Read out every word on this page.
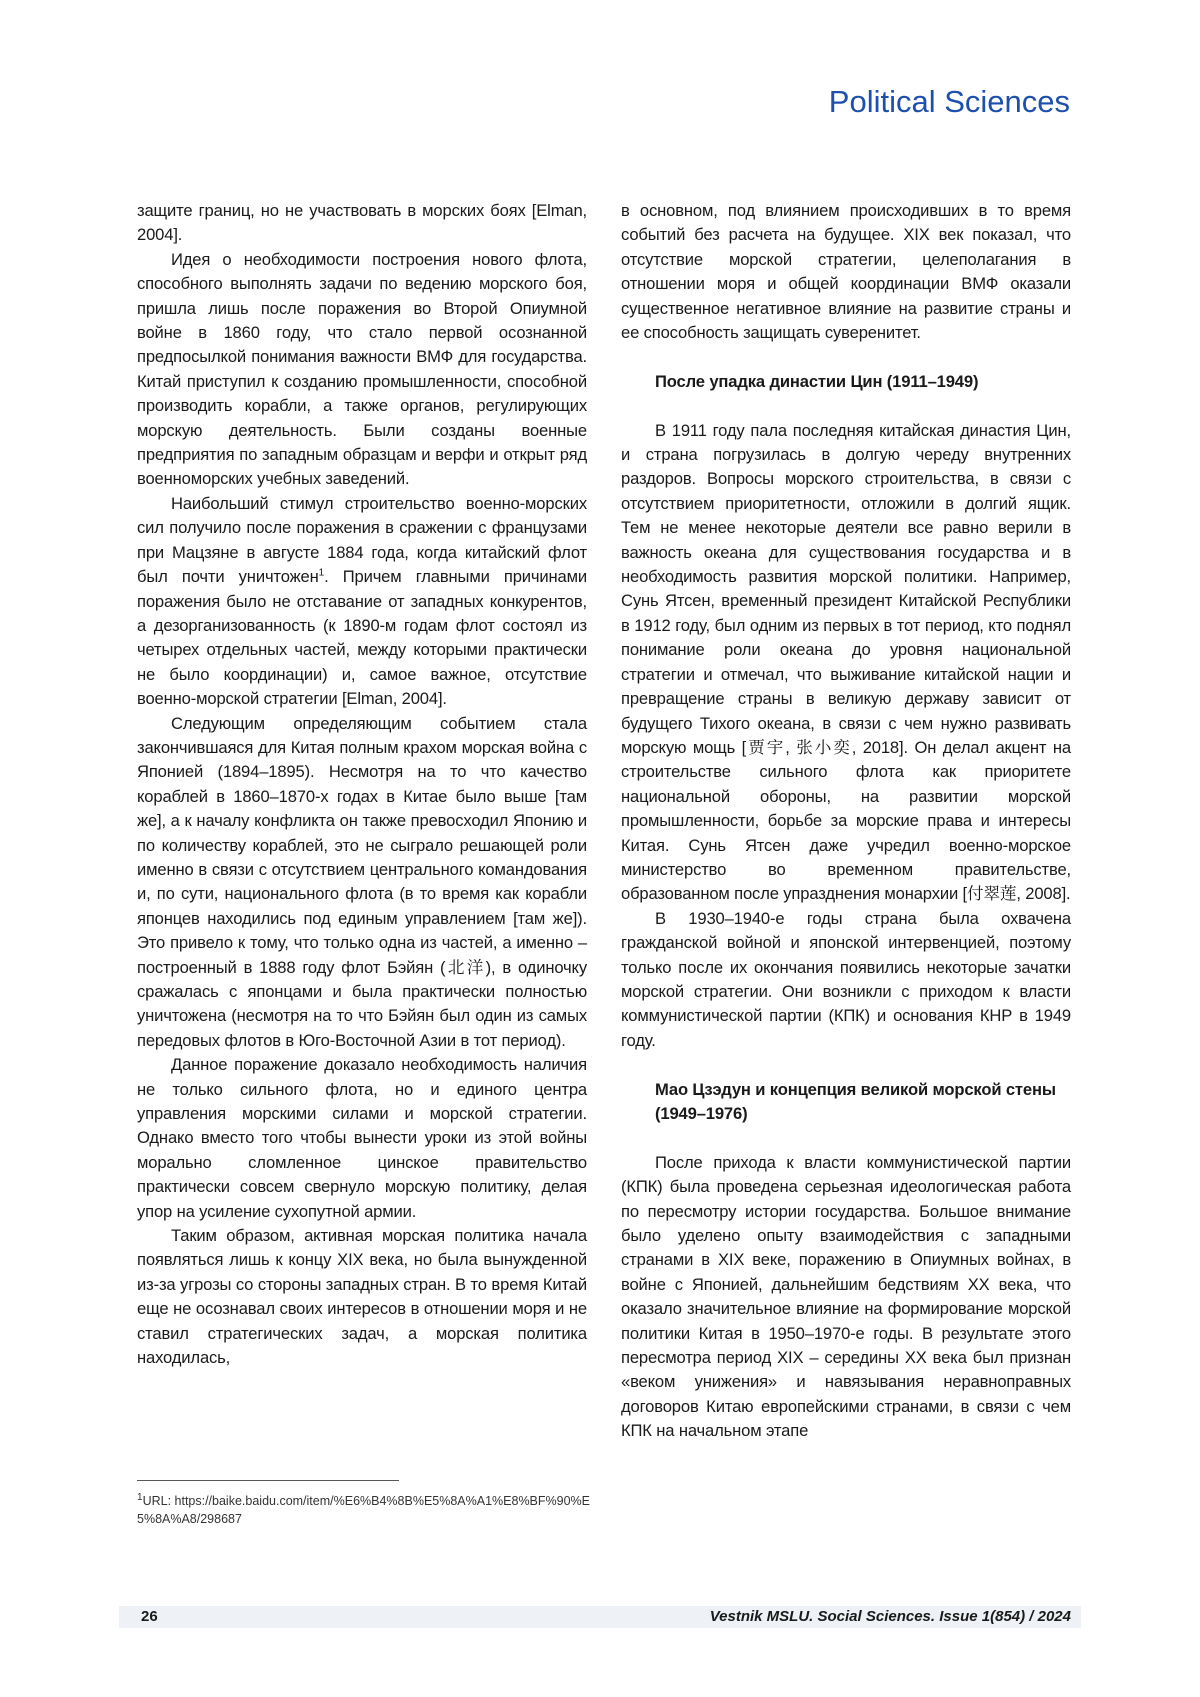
Political Sciences

защите границ, но не участвовать в морских боях [Elman, 2004].

Идея о необходимости построения нового флота, способного выполнять задачи по ведению морского боя, пришла лишь после поражения во Второй Опиумной войне в 1860 году, что стало первой осознанной предпосылкой понимания важности ВМФ для государства. Китай приступил к созданию промышленности, способной производить корабли, а также органов, регулирующих морскую деятельность. Были созданы военные предприятия по западным образцам и верфи и открыт ряд военноморских учебных заведений.

Наибольший стимул строительство военно-морских сил получило после поражения в сражении с французами при Мацзяне в августе 1884 года, когда китайский флот был почти уничтожен1. Причем главными причинами поражения было не отставание от западных конкурентов, а дезорганизованность (к 1890-м годам флот состоял из четырех отдельных частей, между которыми практически не было координации) и, самое важное, отсутствие военно-морской стратегии [Elman, 2004].

Следующим определяющим событием стала закончившаяся для Китая полным крахом морская война с Японией (1894–1895). Несмотря на то что качество кораблей в 1860–1870-х годах в Китае было выше [там же], а к началу конфликта он также превосходил Японию и по количеству кораблей, это не сыграло решающей роли именно в связи с отсутствием центрального командования и, по сути, национального флота (в то время как корабли японцев находились под единым управлением [там же]). Это привело к тому, что только одна из частей, а именно – построенный в 1888 году флот Бэйян (北洋), в одиночку сражалась с японцами и была практически полностью уничтожена (несмотря на то что Бэйян был один из самых передовых флотов в Юго-Восточной Азии в тот период).

Данное поражение доказало необходимость наличия не только сильного флота, но и единого центра управления морскими силами и морской стратегии. Однако вместо того чтобы вынести уроки из этой войны морально сломленное цинское правительство практически совсем свернуло морскую политику, делая упор на усиление сухопутной армии.

Таким образом, активная морская политика начала появляться лишь к концу XIX века, но была вынужденной из-за угрозы со стороны западных стран. В то время Китай еще не осознавал своих интересов в отношении моря и не ставил стратегических задач, а морская политика находилась,

в основном, под влиянием происходивших в то время событий без расчета на будущее. XIX век показал, что отсутствие морской стратегии, целеполагания в отношении моря и общей координации ВМФ оказали существенное негативное влияние на развитие страны и ее способность защищать суверенитет.

После упадка династии Цин (1911–1949)

В 1911 году пала последняя китайская династия Цин, и страна погрузилась в долгую череду внутренних раздоров. Вопросы морского строительства, в связи с отсутствием приоритетности, отложили в долгий ящик. Тем не менее некоторые деятели все равно верили в важность океана для существования государства и в необходимость развития морской политики. Например, Сунь Ятсен, временный президент Китайской Республики в 1912 году, был одним из первых в тот период, кто поднял понимание роли океана до уровня национальной стратегии и отмечал, что выживание китайской нации и превращение страны в великую державу зависит от будущего Тихого океана, в связи с чем нужно развивать морскую мощь [贾宇, 张小奕, 2018]. Он делал акцент на строительстве сильного флота как приоритете национальной обороны, на развитии морской промышленности, борьбе за морские права и интересы Китая. Сунь Ятсен даже учредил военно-морское министерство во временном правительстве, образованном после упразднения монархии [付翠莲, 2008].

В 1930–1940-е годы страна была охвачена гражданской войной и японской интервенцией, поэтому только после их окончания появились некоторые зачатки морской стратегии. Они возникли с приходом к власти коммунистической партии (КПК) и основания КНР в 1949 году.

Мао Цзэдун и концепция великой морской стены (1949–1976)

После прихода к власти коммунистической партии (КПК) была проведена серьезная идеологическая работа по пересмотру истории государства. Большое внимание было уделено опыту взаимодействия с западными странами в XIX веке, поражению в Опиумных войнах, в войне с Японией, дальнейшим бедствиям XX века, что оказало значительное влияние на формирование морской политики Китая в 1950–1970-е годы. В результате этого пересмотра период XIX – середины XX века был признан «веком унижения» и навязывания неравноправных договоров Китаю европейскими странами, в связи с чем КПК на начальном этапе

1URL: https://baike.baidu.com/item/%E6%B4%8B%E5%8A%A1%E8%BF%90%E5%8A%A8/298687
26	Vestnik MSLU. Social Sciences. Issue 1(854) / 2024
